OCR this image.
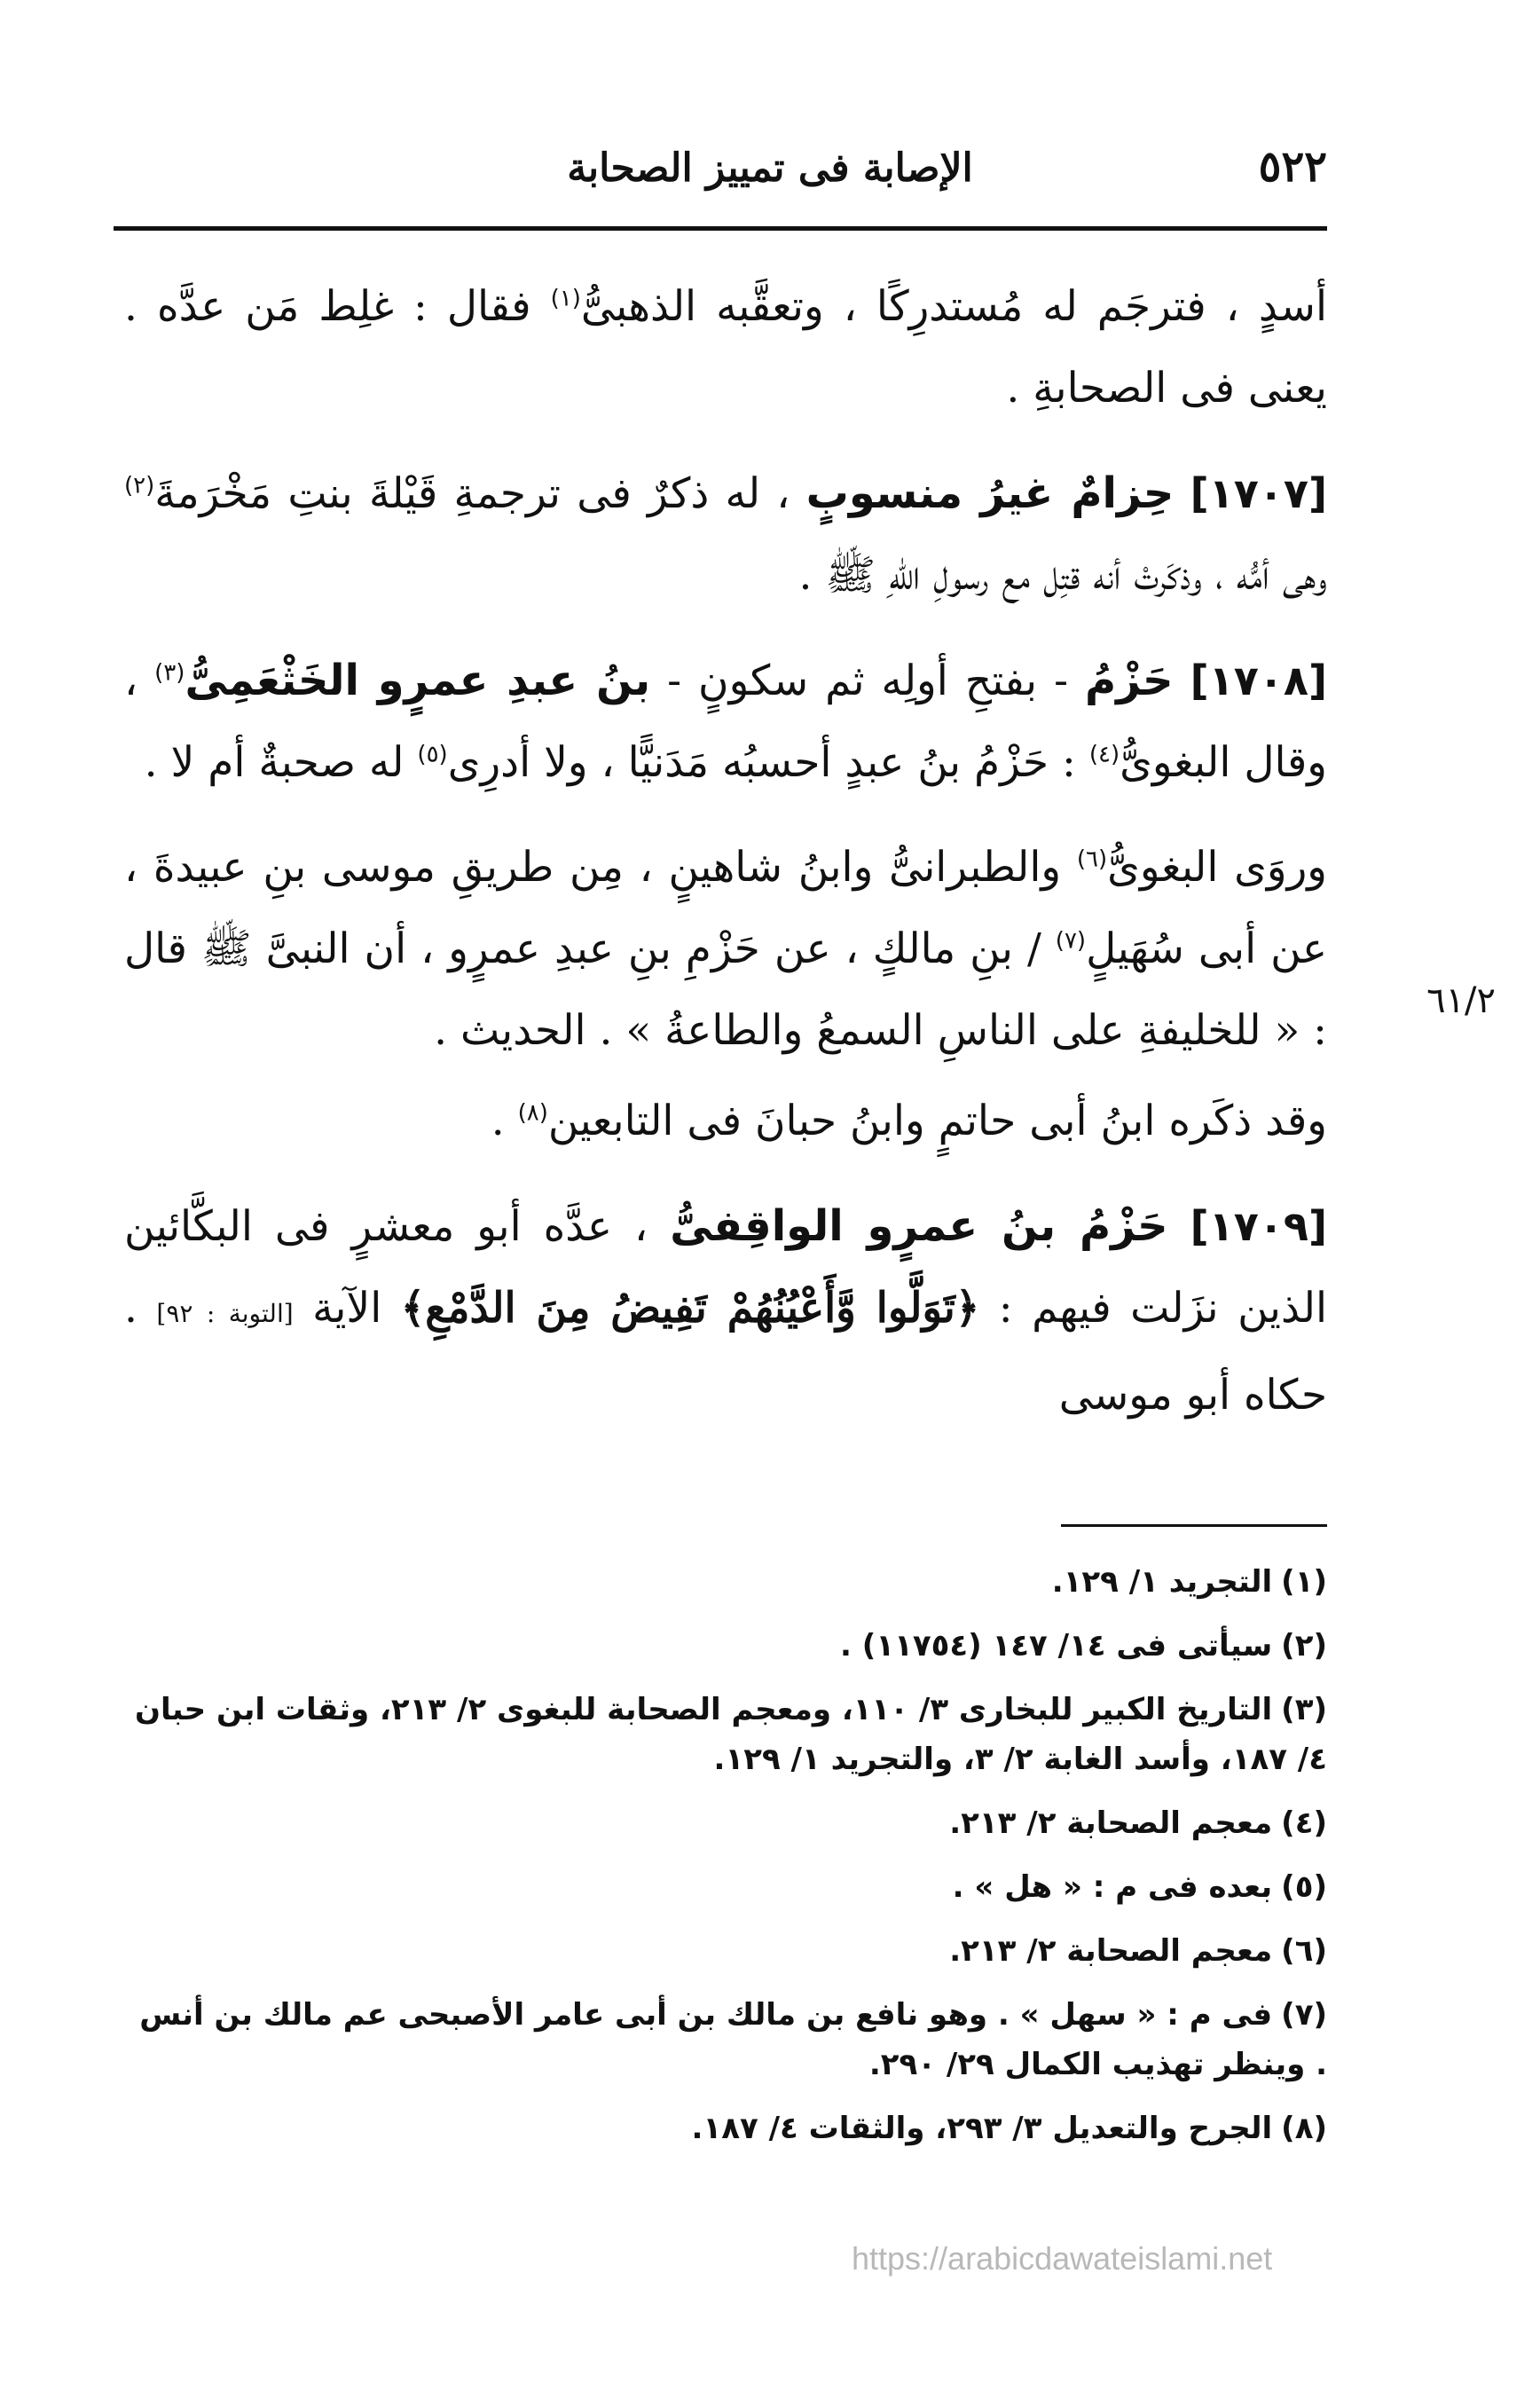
٥٢٢
الإصابة فى تمييز الصحابة
٦١/٢

أسدٍ ، فترجَم له مُستدرِكًا ، وتعقَّبه الذهبىُّ$^{(١)}$ فقال : غلِط مَن عدَّه . يعنى فى الصحابةِ .

[١٧٠٧] حِزامٌ غيرُ منسوبٍ ، له ذكرٌ فى ترجمةِ قَيْلةَ بنتِ مَخْرَمةَ$^{(٢)}$ وهى أمُّه ، وذكَرتْ أنه قتِل مع رسولِ اللّهِ ﷺ .

[١٧٠٨] حَزْمُ - بفتحِ أولِه ثم سكونٍ - بنُ عبدِ عمرٍو الخَثْعَمِىُّ$^{(٣)}$ ، وقال البغوىُّ$^{(٤)}$ : حَزْمُ بنُ عبدٍ أحسبُه مَدَنيًّا ، ولا أدرِى$^{(٥)}$ له صحبةٌ أم لا .

وروَى البغوىُّ$^{(٦)}$ والطبرانىُّ وابنُ شاهينٍ ، مِن طريقِ موسى بنِ عبيدةَ ، عن أبى سُهَيلٍ$^{(٧)}$ / بنِ مالكٍ ، عن حَزْمِ بنِ عبدِ عمرٍو ، أن النبىَّ ﷺ قال : « للخليفةِ على الناسِ السمعُ والطاعةُ » . الحديث .

وقد ذكَره ابنُ أبى حاتمٍ وابنُ حبانَ فى التابعين$^{(٨)}$ .

[١٧٠٩] حَزْمُ بنُ عمرٍو الواقِفىُّ ، عدَّه أبو معشرٍ فى البكَّائين الذين نزَلت فيهم : ﴿تَوَلَّوا وَّأَعْيُنُهُمْ تَفِيضُ مِنَ الدَّمْعِ﴾ الآية [التوبة : ٩٢] . حكاه أبو موسى

(١)التجريد ١/ ١٢٩.

(٢)سيأتى فى ١٤/ ١٤٧ (١١٧٥٤) .

(٣)التاريخ الكبير للبخارى ٣/ ١١٠، ومعجم الصحابة للبغوى ٢/ ٢١٣، وثقات ابن حبان ٤/ ١٨٧، وأسد الغابة ٢/ ٣، والتجريد ١/ ١٢٩.

(٤)معجم الصحابة ٢/ ٢١٣.

(٥)بعده فى م : « هل » .

(٦)معجم الصحابة ٢/ ٢١٣.

(٧)فى م : « سهل » . وهو نافع بن مالك بن أبى عامر الأصبحى عم مالك بن أنس . وينظر تهذيب الكمال ٢٩/ ٢٩٠.

(٨)الجرح والتعديل ٣/ ٢٩٣، والثقات ٤/ ١٨٧.

https://arabicdawateislami.net
